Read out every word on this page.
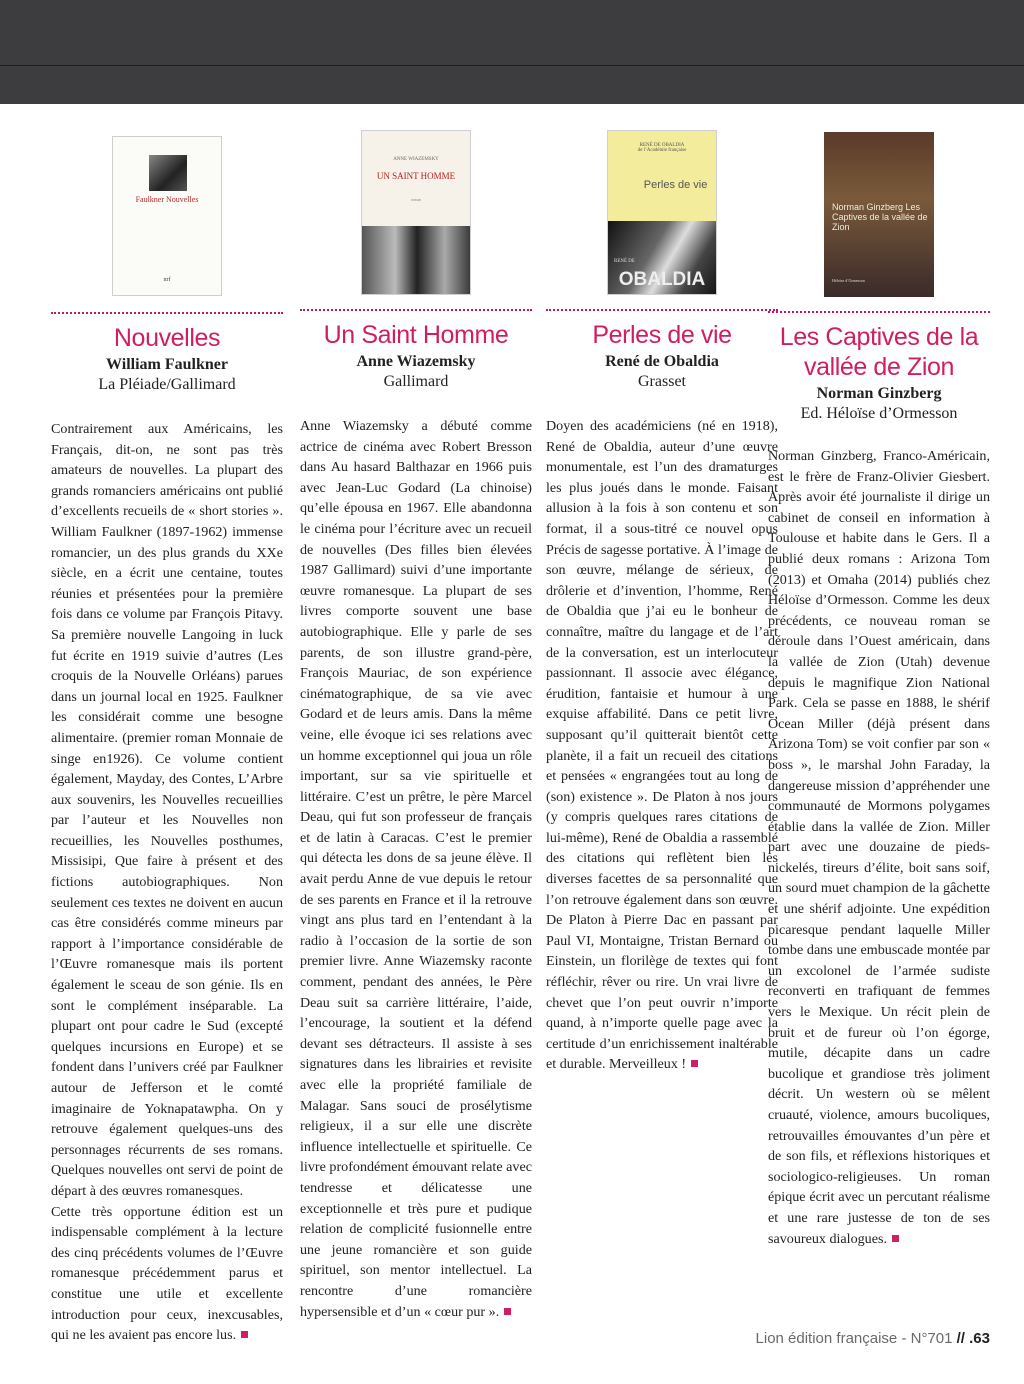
Faulkner Nouvelles
nrf
Nouvelles
William Faulkner
La Pléiade/Gallimard

Contrairement aux Américains, les Français, dit-on, ne sont pas très amateurs de nouvelles. La plupart des grands romanciers américains ont publié d’excellents recueils de « short stories ». William Faulkner (1897-1962) immense romancier, un des plus grands du XXe siècle, en a écrit une centaine, toutes réunies et présentées pour la première fois dans ce volume par François Pitavy. Sa première nouvelle Langoing in luck fut écrite en 1919 suivie d’autres (Les croquis de la Nouvelle Orléans) parues dans un journal local en 1925. Faulkner les considérait comme une besogne alimentaire. (premier roman Monnaie de singe en1926). Ce volume contient également, Mayday, des Contes, L’Arbre aux souvenirs, les Nouvelles recueillies par l’auteur et les Nouvelles non recueillies, les Nouvelles posthumes, Missisipi, Que faire à présent et des fictions autobiographiques. Non seulement ces textes ne doivent en aucun cas être considérés comme mineurs par rapport à l’importance considérable de l’Œuvre romanesque mais ils portent également le sceau de son génie. Ils en sont le complément inséparable. La plupart ont pour cadre le Sud (excepté quelques incursions en Europe) et se fondent dans l’univers créé par Faulkner autour de Jefferson et le comté imaginaire de Yoknapatawpha. On y retrouve également quelques-uns des personnages récurrents de ses romans. Quelques nouvelles ont servi de point de départ à des œuvres romanesques.

Cette très opportune édition est un indispensable complément à la lecture des cinq précédents volumes de l’Œuvre romanesque précédemment parus et constitue une utile et excellente introduction pour ceux, inexcusables, qui ne les avaient pas encore lus.

ANNE WIAZEMSKY
UN SAINT HOMME
roman
Un Saint Homme
Anne Wiazemsky
Gallimard

Anne Wiazemsky a débuté comme actrice de cinéma avec Robert Bresson dans Au hasard Balthazar en 1966 puis avec Jean-Luc Godard (La chinoise) qu’elle épousa en 1967. Elle abandonna le cinéma pour l’écriture avec un recueil de nouvelles (Des filles bien élevées 1987 Gallimard) suivi d’une importante œuvre romanesque. La plupart de ses livres comporte souvent une base autobiographique. Elle y parle de ses parents, de son illustre grand-père, François Mauriac, de son expérience cinématographique, de sa vie avec Godard et de leurs amis. Dans la même veine, elle évoque ici ses relations avec un homme exceptionnel qui joua un rôle important, sur sa vie spirituelle et littéraire. C’est un prêtre, le père Marcel Deau, qui fut son professeur de français et de latin à Caracas. C’est le premier qui détecta les dons de sa jeune élève. Il avait perdu Anne de vue depuis le retour de ses parents en France et il la retrouve vingt ans plus tard en l’entendant à la radio à l’occasion de la sortie de son premier livre. Anne Wiazemsky raconte comment, pendant des années, le Père Deau suit sa carrière littéraire, l’aide, l’encourage, la soutient et la défend devant ses détracteurs. Il assiste à ses signatures dans les librairies et revisite avec elle la propriété familiale de Malagar. Sans souci de prosélytisme religieux, il a sur elle une discrète influence intellectuelle et spirituelle. Ce livre profondément émouvant relate avec tendresse et délicatesse une exceptionnelle et très pure et pudique relation de complicité fusionnelle entre une jeune romancière et son guide spirituel, son mentor intellectuel. La rencontre d’une romancière hypersensible et d’un « cœur pur ».

RENÉ DE OBALDIA
de l’Académie française
Perles de vie
RENÉ DE
OBALDIA
Perles de vie
René de Obaldia
Grasset

Doyen des académiciens (né en 1918), René de Obaldia, auteur d’une œuvre monumentale, est l’un des dramaturges les plus joués dans le monde. Faisant allusion à la fois à son contenu et son format, il a sous-titré ce nouvel opus Précis de sagesse portative. À l’image de son œuvre, mélange de sérieux, de drôlerie et d’invention, l’homme, René de Obaldia que j’ai eu le bonheur de connaître, maître du langage et de l’art de la conversation, est un interlocuteur passionnant. Il associe avec élégance, érudition, fantaisie et humour à une exquise affabilité. Dans ce petit livre, supposant qu’il quitterait bientôt cette planète, il a fait un recueil des citations et pensées « engrangées tout au long de (son) existence ». De Platon à nos jours (y compris quelques rares citations de lui-même), René de Obaldia a rassemblé des citations qui reflètent bien les diverses facettes de sa personnalité que l’on retrouve également dans son œuvre. De Platon à Pierre Dac en passant par Paul VI, Montaigne, Tristan Bernard ou Einstein, un florilège de textes qui font réfléchir, rêver ou rire. Un vrai livre de chevet que l’on peut ouvrir n’importe quand, à n’importe quelle page avec la certitude d’un enrichissement inaltérable et durable. Merveilleux !

Norman Ginzberg Les Captives de la vallée de Zion
Héloïse d’Ormesson
Les Captives de la vallée de Zion
Norman Ginzberg
Ed. Héloïse d’Ormesson

Norman Ginzberg, Franco-Américain, est le frère de Franz-Olivier Giesbert. Après avoir été journaliste il dirige un cabinet de conseil en information à Toulouse et habite dans le Gers. Il a publié deux romans : Arizona Tom (2013) et Omaha (2014) publiés chez Héloïse d’Ormesson. Comme les deux précédents, ce nouveau roman se déroule dans l’Ouest américain, dans la vallée de Zion (Utah) devenue depuis le magnifique Zion National Park. Cela se passe en 1888, le shérif Ocean Miller (déjà présent dans Arizona Tom) se voit confier par son « boss », le marshal John Faraday, la dangereuse mission d’appréhender une communauté de Mormons polygames établie dans la vallée de Zion. Miller part avec une douzaine de pieds-nickelés, tireurs d’élite, boit sans soif, un sourd muet champion de la gâchette et une shérif adjointe. Une expédition picaresque pendant laquelle Miller tombe dans une embuscade montée par un excolonel de l’armée sudiste reconverti en trafiquant de femmes vers le Mexique. Un récit plein de bruit et de fureur où l’on égorge, mutile, décapite dans un cadre bucolique et grandiose très joliment décrit. Un western où se mêlent cruauté, violence, amours bucoliques, retrouvailles émouvantes d’un père et de son fils, et réflexions historiques et sociologico-religieuses. Un roman épique écrit avec un percutant réalisme et une rare justesse de ton de ses savoureux dialogues.

Lion édition française - N°701 // .63
